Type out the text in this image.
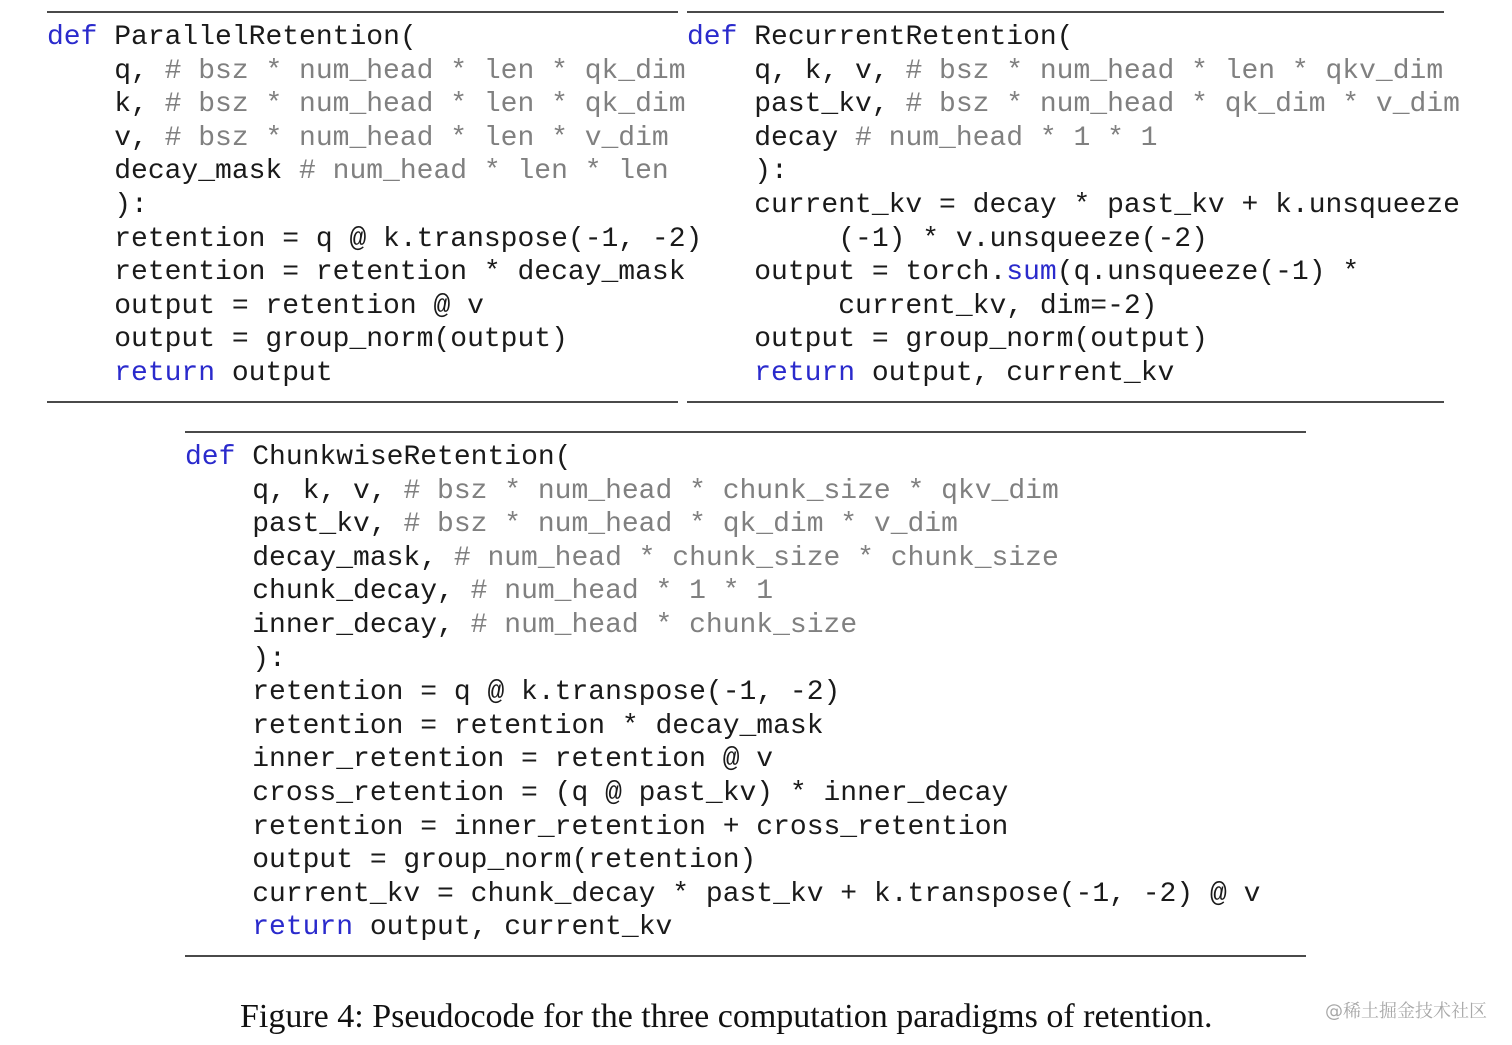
def ParallelRetention(
q, # bsz * num_head * len * qk_dim
k, # bsz * num_head * len * qk_dim
v, # bsz * num_head * len * v_dim
decay_mask # num_head * len * len
):
retention = q @ k.transpose(-1, -2)
retention = retention * decay_mask
output = retention @ v
output = group_norm(output)
return output
def RecurrentRetention(
q, k, v, # bsz * num_head * len * qkv_dim
past_kv, # bsz * num_head * qk_dim * v_dim
decay # num_head * 1 * 1
):
current_kv = decay * past_kv + k.unsqueeze
(-1) * v.unsqueeze(-2)
output = torch.sum(q.unsqueeze(-1) *
current_kv, dim=-2)
output = group_norm(output)
return output, current_kv
def ChunkwiseRetention(
q, k, v, # bsz * num_head * chunk_size * qkv_dim
past_kv, # bsz * num_head * qk_dim * v_dim
decay_mask, # num_head * chunk_size * chunk_size
chunk_decay, # num_head * 1 * 1
inner_decay, # num_head * chunk_size
):
retention = q @ k.transpose(-1, -2)
retention = retention * decay_mask
inner_retention = retention @ v
cross_retention = (q @ past_kv) * inner_decay
retention = inner_retention + cross_retention
output = group_norm(retention)
current_kv = chunk_decay * past_kv + k.transpose(-1, -2) @ v
return output, current_kv
Figure 4: Pseudocode for the three computation paradigms of retention.	@稀土掘金技术社区
